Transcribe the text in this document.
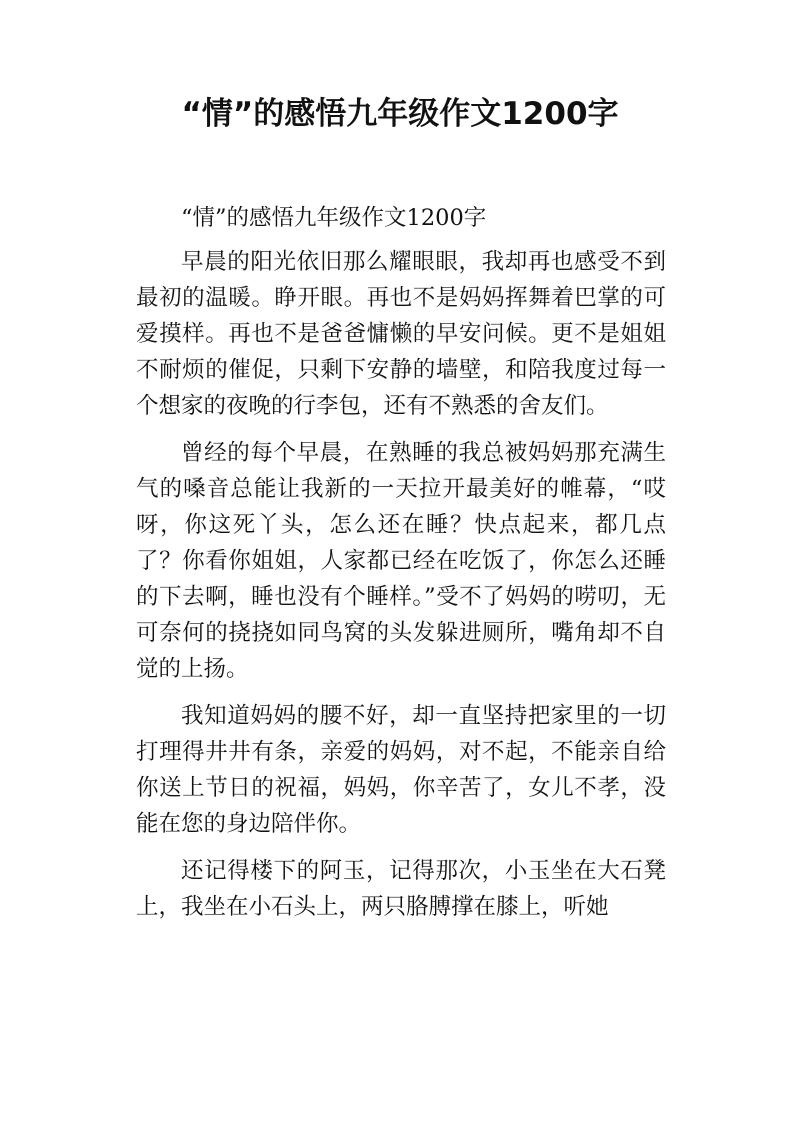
“情”的感悟九年级作文1200字

“情”的感悟九年级作文1200字

早晨的阳光依旧那么耀眼眼，我却再也感受不到最初的温暖。睁开眼。再也不是妈妈挥舞着巴掌的可爱摸样。再也不是爸爸慵懒的早安问候。更不是姐姐不耐烦的催促，只剩下安静的墙壁，和陪我度过每一个想家的夜晚的行李包，还有不熟悉的舍友们。

曾经的每个早晨，在熟睡的我总被妈妈那充满生气的嗓音总能让我新的一天拉开最美好的帷幕，“哎呀，你这死丫头，怎么还在睡？快点起来，都几点了？你看你姐姐，人家都已经在吃饭了，你怎么还睡的下去啊，睡也没有个睡样。”受不了妈妈的唠叨，无可奈何的挠挠如同鸟窝的头发躲进厕所，嘴角却不自觉的上扬。

我知道妈妈的腰不好，却一直坚持把家里的一切打理得井井有条，亲爱的妈妈，对不起，不能亲自给你送上节日的祝福，妈妈，你辛苦了，女儿不孝，没能在您的身边陪伴你。

还记得楼下的阿玉，记得那次，小玉坐在大石凳上，我坐在小石头上，两只胳膊撑在膝上，听她
